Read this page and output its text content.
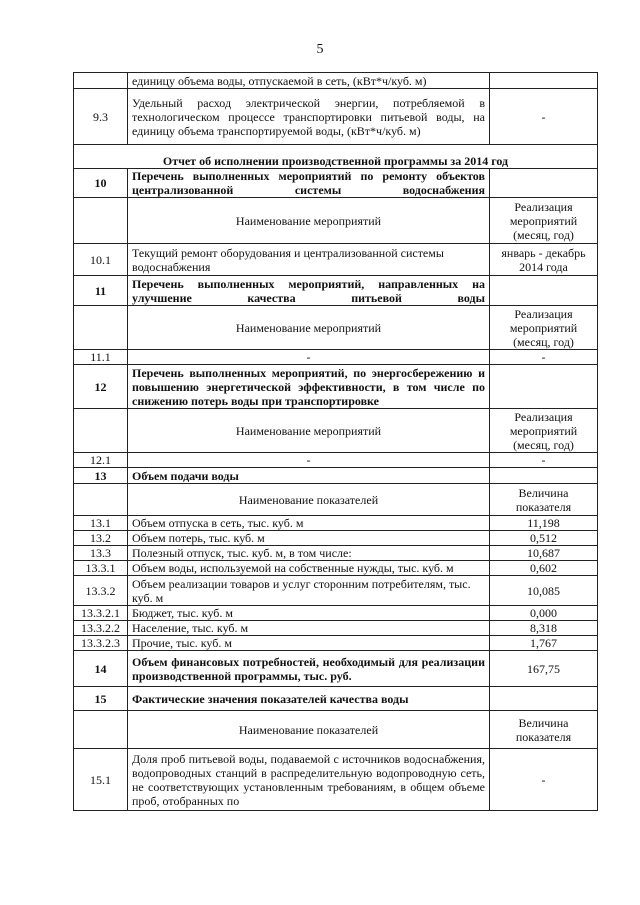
5
	единицу объема воды, отпускаемой в сеть, (кВт*ч/куб. м)	
9.3	Удельный расход электрической энергии, потребляемой в технологическом процессе транспортировки питьевой воды, на единицу объема транспортируемой воды, (кВт*ч/куб. м)	-
Отчет об исполнении производственной программы за 2014 год		
10	Перечень выполненных мероприятий по ремонту объектов централизованной системы водоснабжения	
	Наименование мероприятий	Реализация мероприятий (месяц, год)
10.1	Текущий ремонт оборудования и централизованной системы водоснабжения	январь - декабрь 2014 года
11	Перечень выполненных мероприятий, направленных на улучшение качества питьевой воды	
	Наименование мероприятий	Реализация мероприятий (месяц, год)
11.1	-	-
12	Перечень выполненных мероприятий, по энергосбережению и повышению энергетической эффективности, в том числе по снижению потерь воды при транспортировке	
	Наименование мероприятий	Реализация мероприятий (месяц, год)
12.1	-	-
13	Объем подачи воды	
	Наименование показателей	Величина показателя
13.1	Объем отпуска в сеть, тыс. куб. м	11,198
13.2	Объем потерь, тыс. куб. м	0,512
13.3	Полезный отпуск, тыс. куб. м, в том числе:	10,687
13.3.1	Объем воды, используемой на собственные нужды, тыс. куб. м	0,602
13.3.2	Объем реализации товаров и услуг сторонним потребителям, тыс. куб. м	10,085
13.3.2.1	Бюджет, тыс. куб. м	0,000
13.3.2.2	Население, тыс. куб. м	8,318
13.3.2.3	Прочие, тыс. куб. м	1,767
14	Объем финансовых потребностей, необходимый для реализации производственной программы, тыс. руб.	167,75
15	Фактические значения показателей качества воды	
	Наименование показателей	Величина показателя
15.1	Доля проб питьевой воды, подаваемой с источников водоснабжения, водопроводных станций в распределительную водопроводную сеть, не соответствующих установленным требованиям, в общем объеме проб, отобранных по	-
